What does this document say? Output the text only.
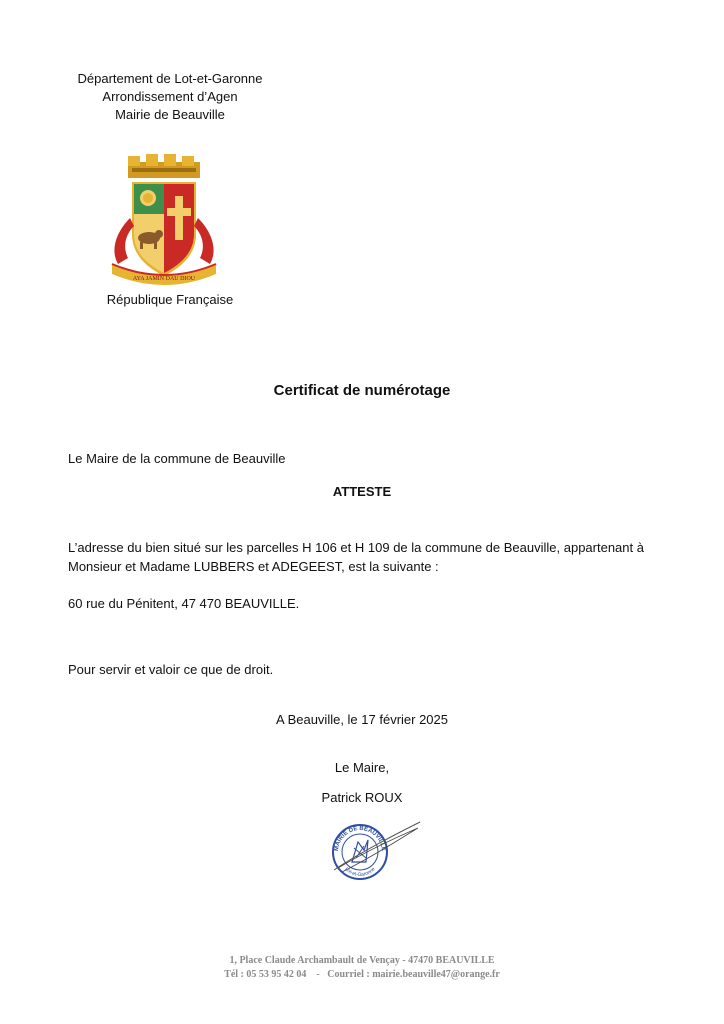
Département de Lot-et-Garonne
Arrondissement d’Agen
Mairie de Beauville
AYA JAMIN DAU DIOU
République Française
Certificat de numérotage
Le Maire de la commune de Beauville
ATTESTE
L’adresse du bien situé sur les parcelles H 106 et H 109 de la commune de Beauville, appartenant à
Monsieur et Madame LUBBERS et ADEGEEST, est la suivante :
60 rue du Pénitent, 47 470 BEAUVILLE.
Pour servir et valoir ce que de droit.
A Beauville, le 17 février 2025
Le Maire,
Patrick ROUX
MAIRIE DE BEAUVILLE
Lot-et-Garonne
1, Place Claude Archambault de Vençay - 47470 BEAUVILLE
Tél : 05 53 95 42 04    -   Courriel : mairie.beauville47@orange.fr
